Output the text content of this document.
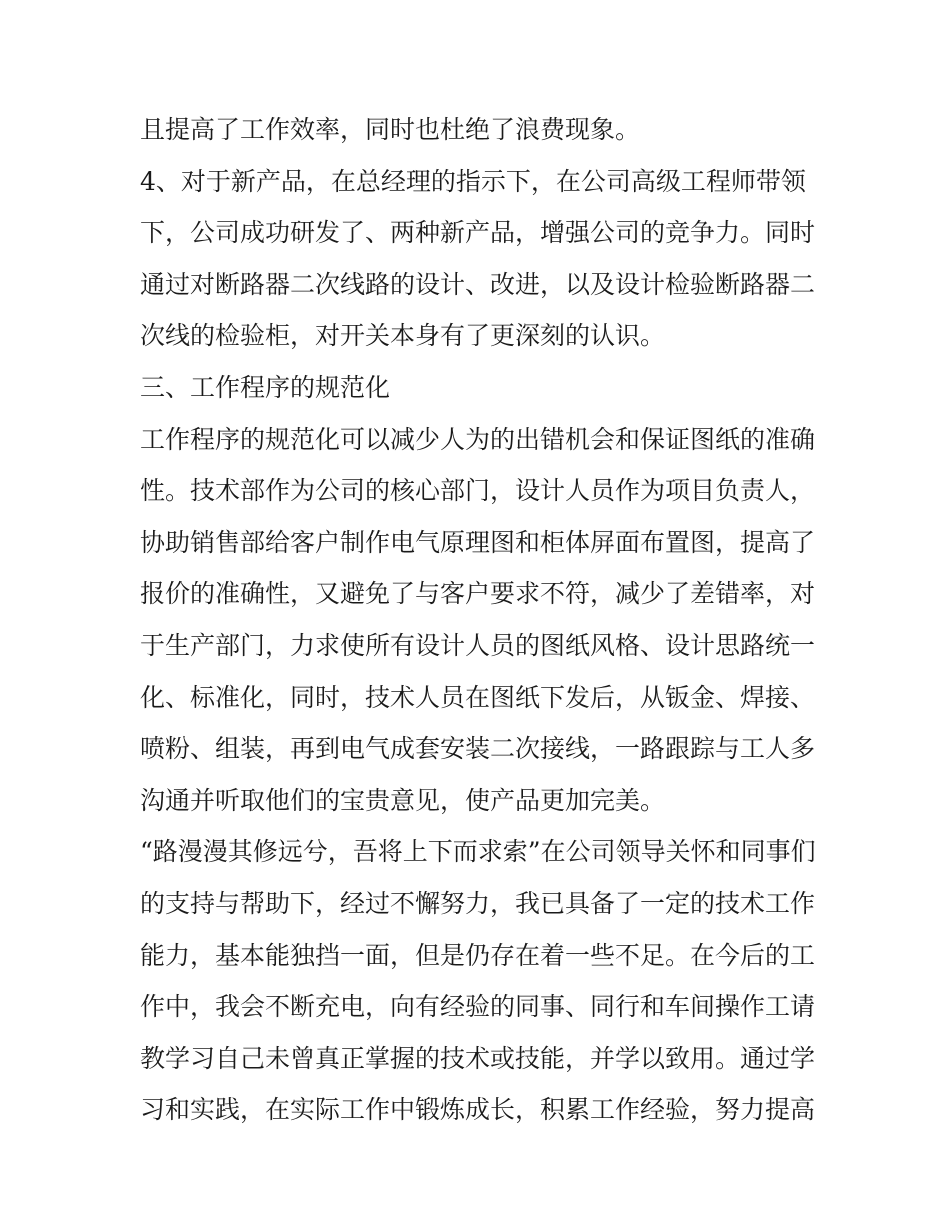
且提高了工作效率，同时也杜绝了浪费现象。
4、对于新产品，在总经理的指示下，在公司高级工程师带领
下，公司成功研发了、两种新产品，增强公司的竞争力。同时
通过对断路器二次线路的设计、改进，以及设计检验断路器二
次线的检验柜，对开关本身有了更深刻的认识。
三、工作程序的规范化
工作程序的规范化可以减少人为的出错机会和保证图纸的准确
性。技术部作为公司的核心部门，设计人员作为项目负责人，
协助销售部给客户制作电气原理图和柜体屏面布置图，提高了
报价的准确性，又避免了与客户要求不符，减少了差错率，对
于生产部门，力求使所有设计人员的图纸风格、设计思路统一
化、标准化，同时，技术人员在图纸下发后，从钣金、焊接、
喷粉、组装，再到电气成套安装二次接线，一路跟踪与工人多
沟通并听取他们的宝贵意见，使产品更加完美。
“路漫漫其修远兮，吾将上下而求索”在公司领导关怀和同事们
的支持与帮助下，经过不懈努力，我已具备了一定的技术工作
能力，基本能独挡一面，但是仍存在着一些不足。在今后的工
作中，我会不断充电，向有经验的同事、同行和车间操作工请
教学习自己未曾真正掌握的技术或技能，并学以致用。通过学
习和实践，在实际工作中锻炼成长，积累工作经验，努力提高
